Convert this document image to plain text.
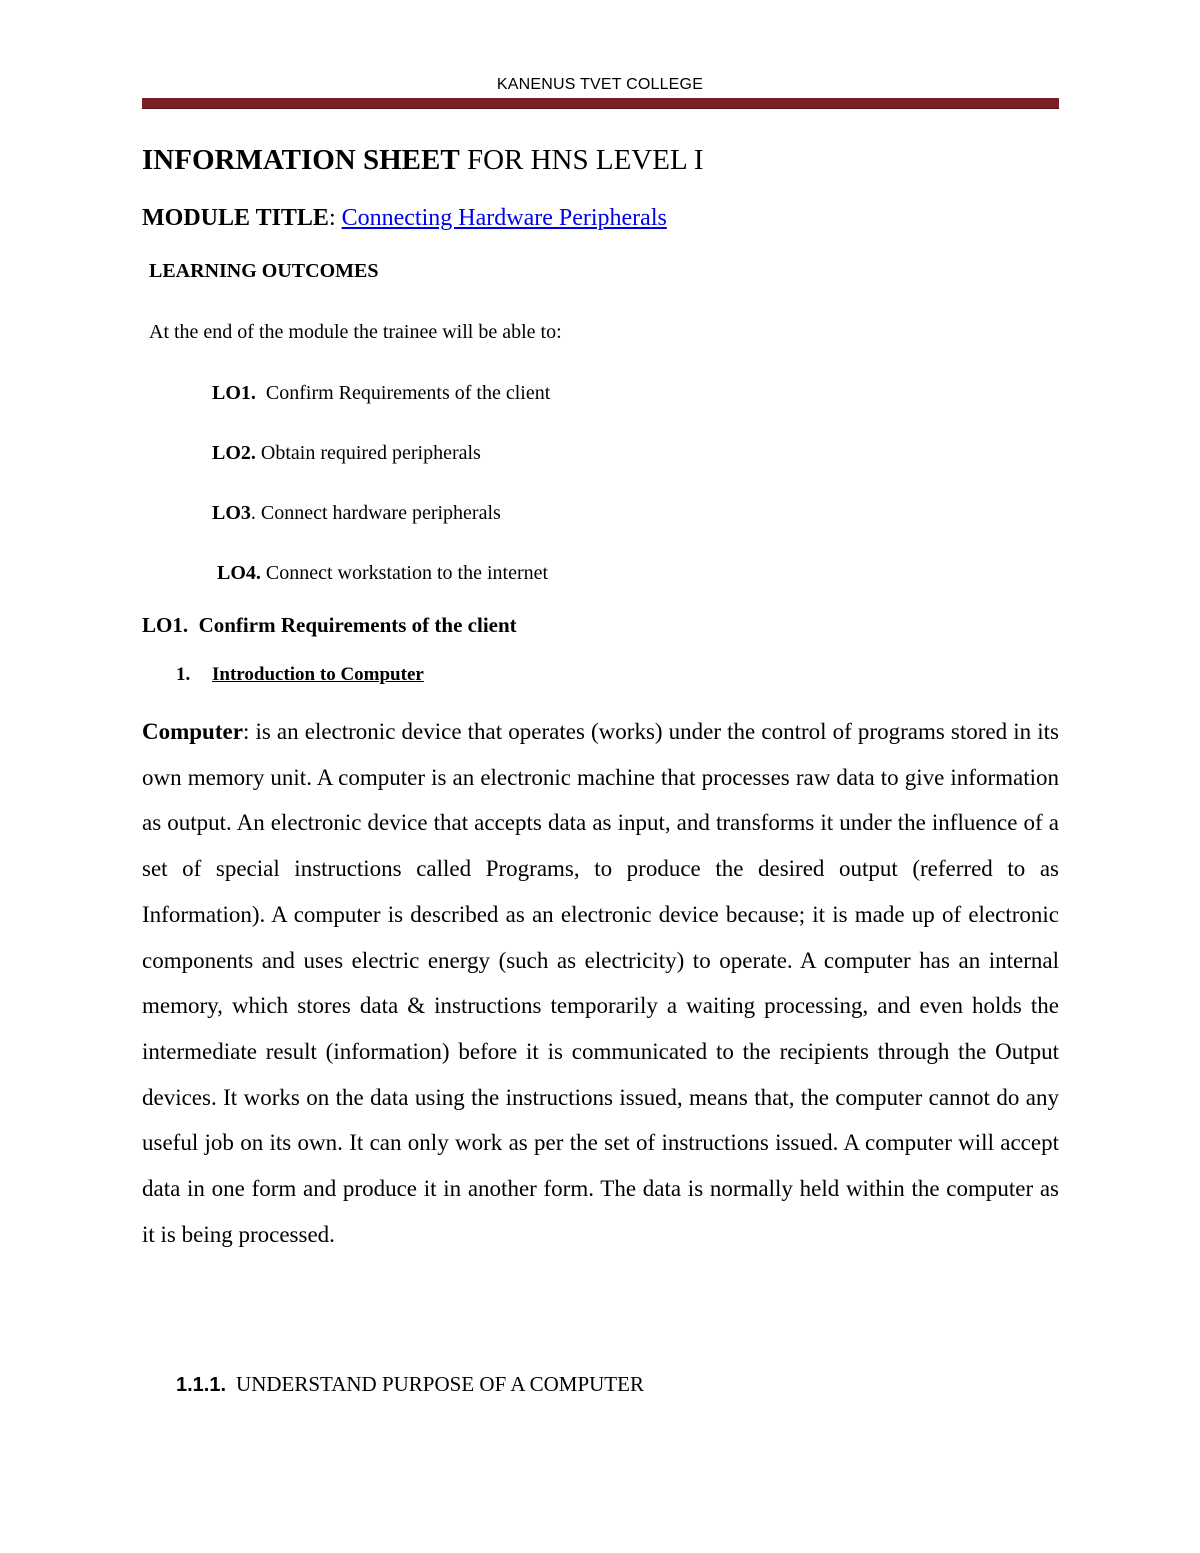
KANENUS TVET COLLEGE
INFORMATION SHEET FOR HNS LEVEL I
MODULE TITLE: Connecting Hardware Peripherals
LEARNING OUTCOMES
At the end of the module the trainee will be able to:
LO1.  Confirm Requirements of the client
LO2. Obtain required peripherals
LO3. Connect hardware peripherals
LO4. Connect workstation to the internet
LO1.  Confirm Requirements of the client
1. Introduction to Computer
Computer: is an electronic device that operates (works) under the control of programs stored in its own memory unit. A computer is an electronic machine that processes raw data to give information as output. An electronic device that accepts data as input, and transforms it under the influence of a set of special instructions called Programs, to produce the desired output (referred to as Information). A computer is described as an electronic device because; it is made up of electronic components and uses electric energy (such as electricity) to operate. A computer has an internal memory, which stores data & instructions temporarily a waiting processing, and even holds the intermediate result (information) before it is communicated to the recipients through the Output devices. It works on the data using the instructions issued, means that, the computer cannot do any useful job on its own. It can only work as per the set of instructions issued. A computer will accept data in one form and produce it in another form. The data is normally held within the computer as it is being processed.
1.1.1. UNDERSTAND PURPOSE OF A COMPUTER
